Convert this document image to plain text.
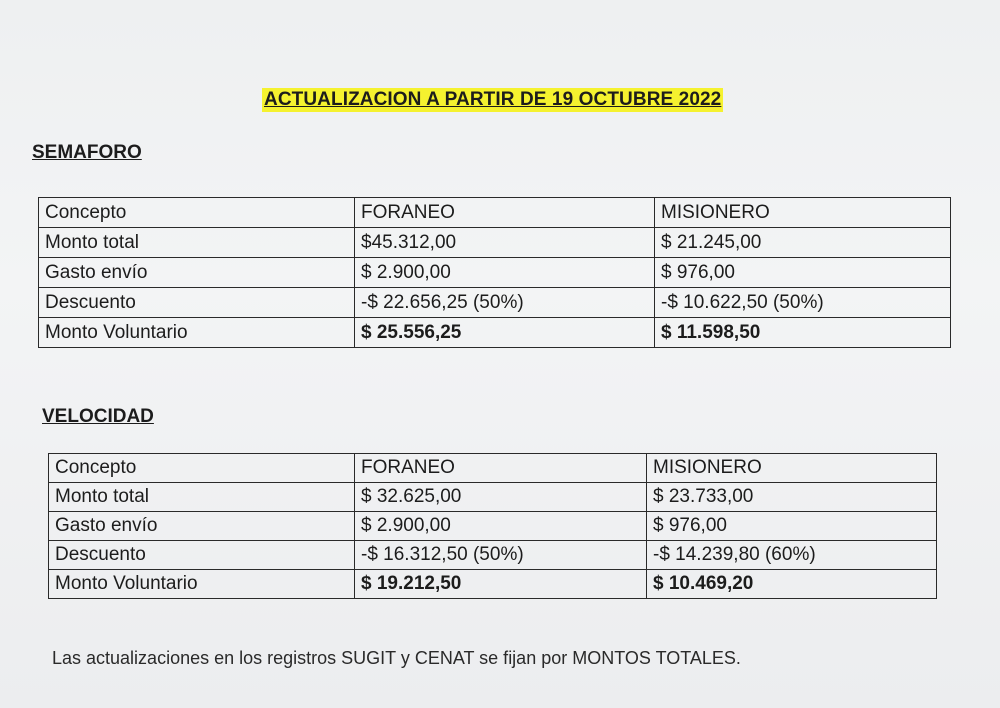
ACTUALIZACION A PARTIR DE 19 OCTUBRE 2022
SEMAFORO
Concepto	FORANEO	MISIONERO
Monto total	$45.312,00	$ 21.245,00
Gasto envío	$ 2.900,00	$ 976,00
Descuento	-$ 22.656,25 (50%)	-$ 10.622,50 (50%)
Monto Voluntario	$ 25.556,25	$ 11.598,50
VELOCIDAD
Concepto	FORANEO	MISIONERO
Monto total	$ 32.625,00	$ 23.733,00
Gasto envío	$ 2.900,00	$ 976,00
Descuento	-$ 16.312,50 (50%)	-$ 14.239,80 (60%)
Monto Voluntario	$ 19.212,50	$ 10.469,20
Las actualizaciones en los registros SUGIT y CENAT se fijan por MONTOS TOTALES.
